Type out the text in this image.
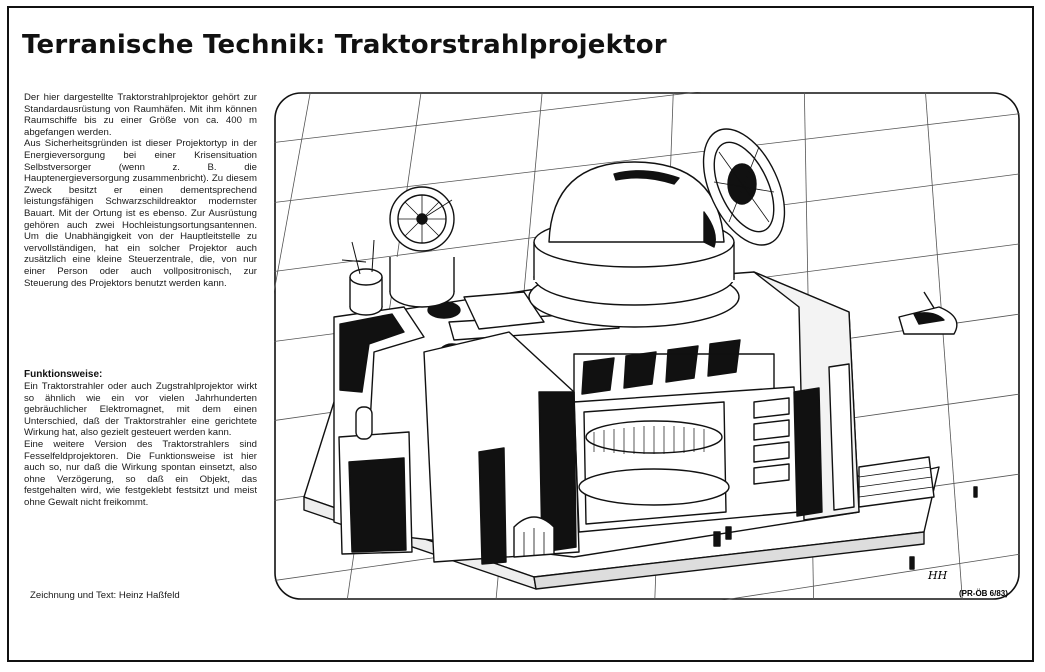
Terranische Technik: Traktorstrahlprojektor

Der hier dargestellte Traktorstrahlprojektor gehört zur Standardausrüstung von Raumhäfen. Mit ihm können Raumschiffe bis zu einer Größe von ca. 400 m abgefangen werden.

Aus Sicherheitsgründen ist dieser Projektortyp in der Energieversorgung bei einer Krisensituation Selbstversorger (wenn z. B. die Hauptenergieversorgung zusammenbricht). Zu diesem Zweck besitzt er einen dementsprechend leistungsfähigen Schwarzschildreaktor modernster Bauart. Mit der Ortung ist es ebenso. Zur Ausrüstung gehören auch zwei Hochleistungsortungsantennen. Um die Unabhängigkeit von der Hauptleitstelle zu vervollständigen, hat ein solcher Projektor auch zusätzlich eine kleine Steuerzentrale, die, von nur einer Person oder auch vollpositronisch, zur Steuerung des Projektors benutzt werden kann.

Funktionsweise:

Ein Traktorstrahler oder auch Zugstrahlprojektor wirkt so ähnlich wie ein vor vielen Jahrhunderten gebräuchlicher Elektromagnet, mit dem einen Unterschied, daß der Traktorstrahler eine gerichtete Wirkung hat, also gezielt gesteuert werden kann.

Eine weitere Version des Traktorstrahlers sind Fesselfeldprojektoren. Die Funktionsweise ist hier auch so, nur daß die Wirkung spontan einsetzt, also ohne Verzögerung, so daß ein Objekt, das festgehalten wird, wie festgeklebt festsitzt und meist ohne Gewalt nicht freikommt.

Zeichnung und Text: Heinz Haßfeld
HH
(PR-ÖB 6/83)
